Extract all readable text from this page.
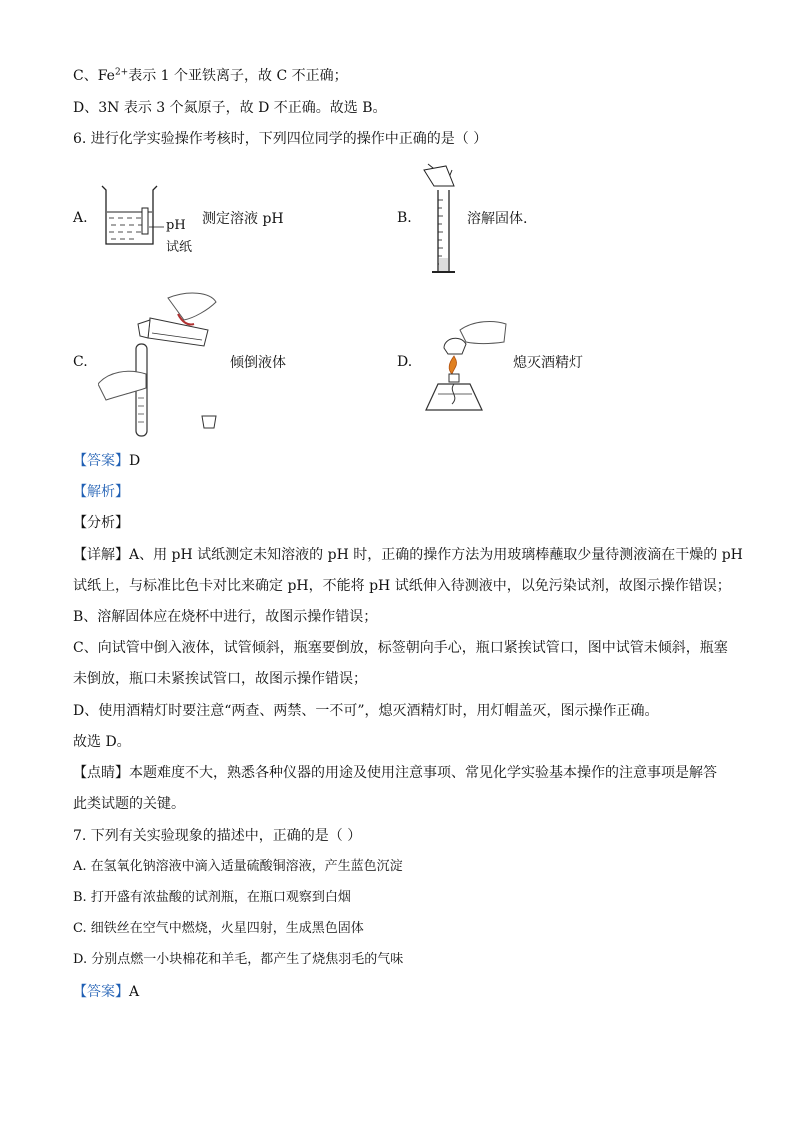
C、$Fe^{2+}$表示 1 个亚铁离子，故 C 不正确；
D、3N 表示 3 个氮原子，故 D 不正确。故选 B。
6. 进行化学实验操作考核时，下列四位同学的操作中正确的是（ ）
A.	pH
试纸
测定溶液 pH	B.	溶解固体.
C.	倾倒液体	D.	熄灭酒精灯
【答案】D
【解析】
【分析】
【详解】A、用 pH 试纸测定未知溶液的 pH 时，正确的操作方法为用玻璃棒蘸取少量待测液滴在干燥的 pH
试纸上，与标准比色卡对比来确定 pH，不能将 pH 试纸伸入待测液中，以免污染试剂，故图示操作错误；
B、溶解固体应在烧杯中进行，故图示操作错误；
C、向试管中倒入液体，试管倾斜，瓶塞要倒放，标签朝向手心，瓶口紧挨试管口，图中试管未倾斜，瓶塞
未倒放，瓶口未紧挨试管口，故图示操作错误；
D、使用酒精灯时要注意“两查、两禁、一不可”，熄灭酒精灯时，用灯帽盖灭，图示操作正确。
故选 D。
【点睛】本题难度不大，熟悉各种仪器的用途及使用注意事项、常见化学实验基本操作的注意事项是解答
此类试题的关键。
7. 下列有关实验现象的描述中，正确的是（ ）
A. 在氢氧化钠溶液中滴入适量硫酸铜溶液，产生蓝色沉淀
B. 打开盛有浓盐酸的试剂瓶，在瓶口观察到白烟
C. 细铁丝在空气中燃烧，火星四射，生成黑色固体
D. 分别点燃一小块棉花和羊毛，都产生了烧焦羽毛的气味
【答案】A
